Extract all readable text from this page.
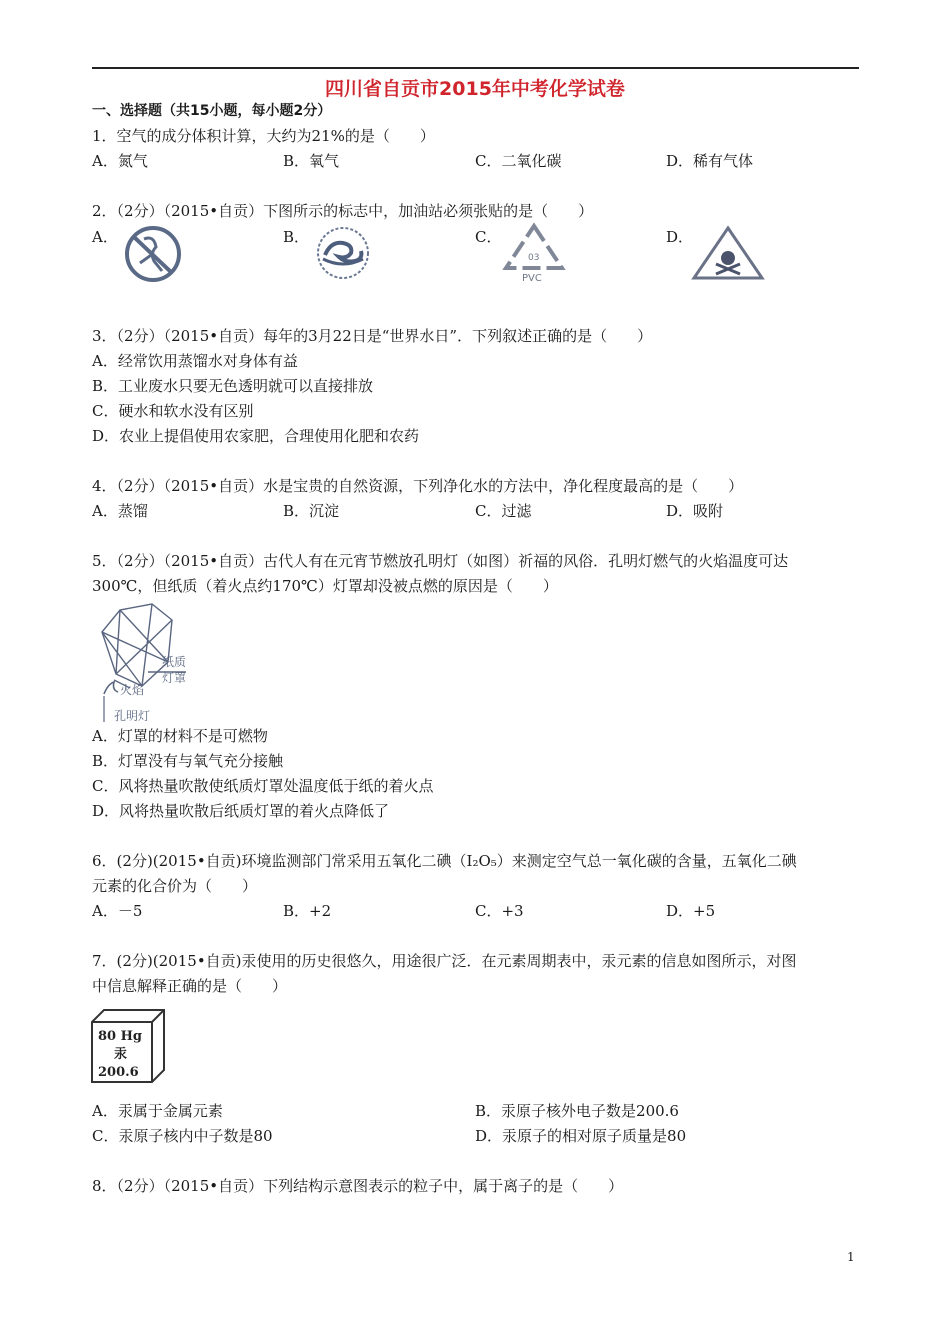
四川省自贡市2015年中考化学试卷
一、选择题（共15小题，每小题2分）
1．空气的成分体积计算，大约为21%的是（　　）
A．氮气	B．氧气	C．二氧化碳	D．稀有气体
2．（2分）（2015•自贡）下图所示的标志中，加油站必须张贴的是（　　）
A．	B．	C．	D．
03
PVC
3．（2分）（2015•自贡）每年的3月22日是“世界水日”．下列叙述正确的是（　　）
A．经常饮用蒸馏水对身体有益
B．工业废水只要无色透明就可以直接排放
C．硬水和软水没有区别
D．农业上提倡使用农家肥，合理使用化肥和农药
4．（2分）（2015•自贡）水是宝贵的自然资源，下列净化水的方法中，净化程度最高的是（　　）
A．蒸馏	B．沉淀	C．过滤	D．吸附
5．（2分）（2015•自贡）古代人有在元宵节燃放孔明灯（如图）祈福的风俗．孔明灯燃气的火焰温度可达
300℃，但纸质（着火点约170℃）灯罩却没被点燃的原因是（　　）
纸质
灯罩
火焰
孔明灯
A．灯罩的材料不是可燃物
B．灯罩没有与氧气充分接触
C．风将热量吹散使纸质灯罩处温度低于纸的着火点
D．风将热量吹散后纸质灯罩的着火点降低了
6．(2分)(2015•自贡)环境监测部门常采用五氧化二碘（I₂O₅）来测定空气总一氧化碳的含量，五氧化二碘
元素的化合价为（　　）
A．－5	B．+2	C．+3	D．+5
7．(2分)(2015•自贡)汞使用的历史很悠久，用途很广泛．在元素周期表中，汞元素的信息如图所示，对图
中信息解释正确的是（　　）
80 Hg
汞
200.6
A．汞属于金属元素	B．汞原子核外电子数是200.6
C．汞原子核内中子数是80	D．汞原子的相对原子质量是80
8．（2分）（2015•自贡）下列结构示意图表示的粒子中，属于离子的是（　　）
1
